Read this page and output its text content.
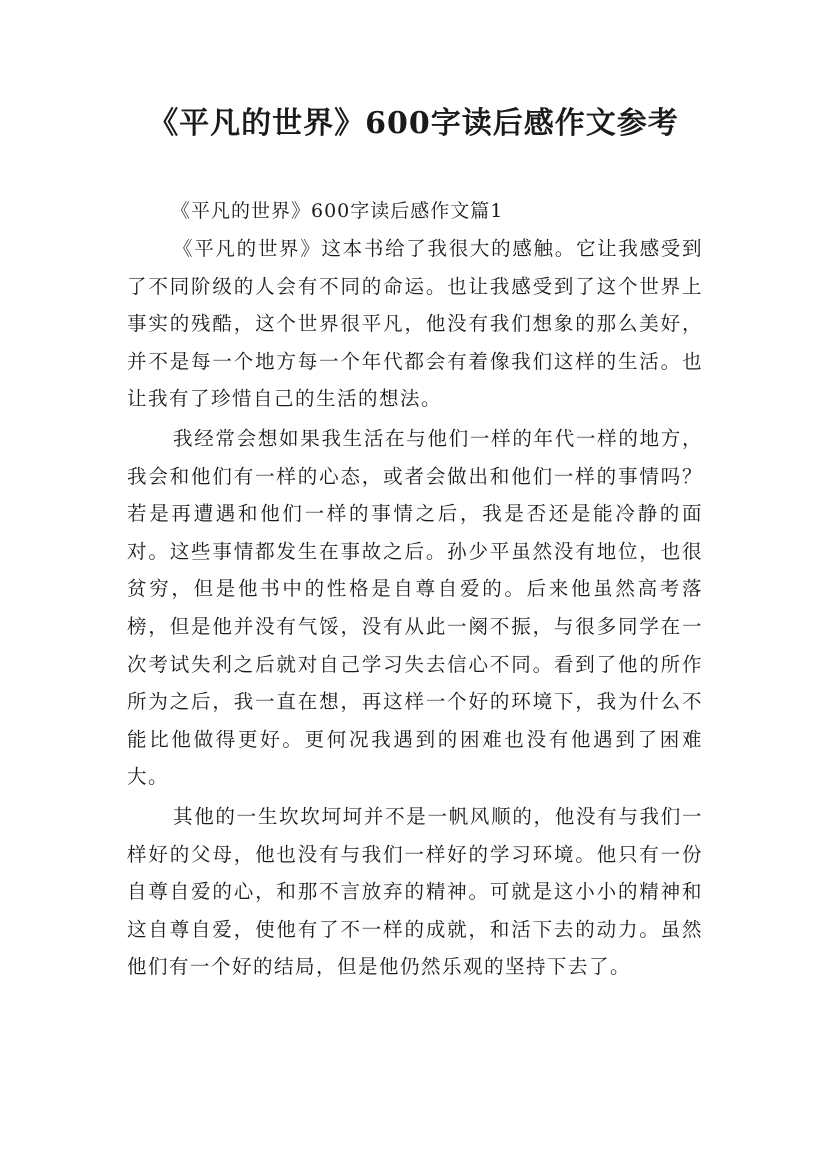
《平凡的世界》600字读后感作文参考

《平凡的世界》600字读后感作文篇1

《平凡的世界》这本书给了我很大的感触。它让我感受到了不同阶级的人会有不同的命运。也让我感受到了这个世界上事实的残酷，这个世界很平凡，他没有我们想象的那么美好，并不是每一个地方每一个年代都会有着像我们这样的生活。也让我有了珍惜自己的生活的想法。

我经常会想如果我生活在与他们一样的年代一样的地方，我会和他们有一样的心态，或者会做出和他们一样的事情吗？若是再遭遇和他们一样的事情之后，我是否还是能冷静的面对。这些事情都发生在事故之后。孙少平虽然没有地位，也很贫穷，但是他书中的性格是自尊自爱的。后来他虽然高考落榜，但是他并没有气馁，没有从此一阕不振，与很多同学在一次考试失利之后就对自己学习失去信心不同。看到了他的所作所为之后，我一直在想，再这样一个好的环境下，我为什么不能比他做得更好。更何况我遇到的困难也没有他遇到了困难大。

其他的一生坎坎坷坷并不是一帆风顺的，他没有与我们一样好的父母，他也没有与我们一样好的学习环境。他只有一份自尊自爱的心，和那不言放弃的精神。可就是这小小的精神和这自尊自爱，使他有了不一样的成就，和活下去的动力。虽然他们有一个好的结局，但是他仍然乐观的坚持下去了。
